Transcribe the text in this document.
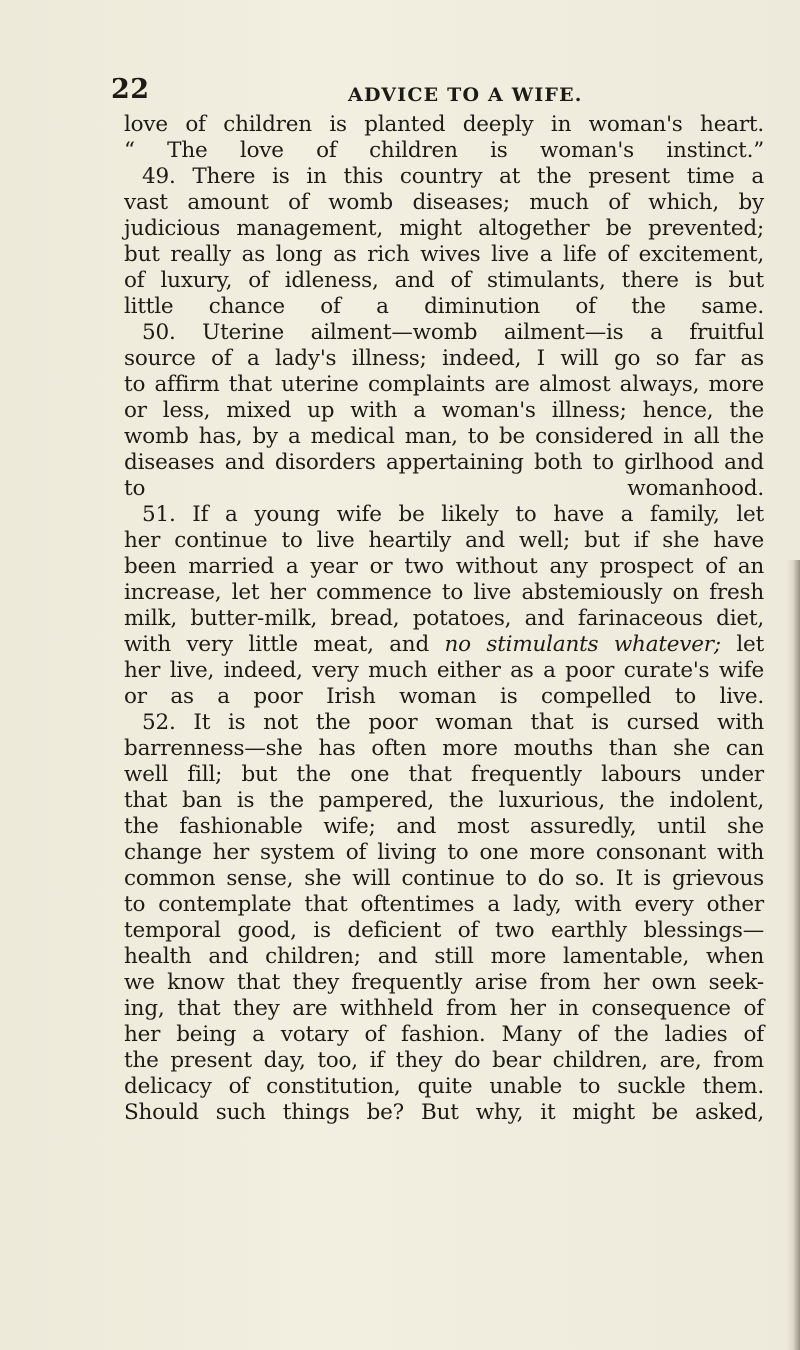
22	ADVICE TO A WIFE.
love of children is planted deeply in woman's heart.
“ The love of children is woman's instinct.”
49. There is in this country at the present time a
vast amount of womb diseases; much of which, by
judicious management, might altogether be prevented;
but really as long as rich wives live a life of excitement,
of luxury, of idleness, and of stimulants, there is but
little chance of a diminution of the same.
50. Uterine ailment—womb ailment—is a fruitful
source of a lady's illness; indeed, I will go so far as
to affirm that uterine complaints are almost always, more
or less, mixed up with a woman's illness; hence, the
womb has, by a medical man, to be considered in all the
diseases and disorders appertaining both to girlhood and
to womanhood.
51. If a young wife be likely to have a family, let
her continue to live heartily and well; but if she have
been married a year or two without any prospect of an
increase, let her commence to live abstemiously on fresh
milk, butter-milk, bread, potatoes, and farinaceous diet,
with very little meat, and no stimulants whatever; let
her live, indeed, very much either as a poor curate's wife
or as a poor Irish woman is compelled to live.
52. It is not the poor woman that is cursed with
barrenness—she has often more mouths than she can
well fill; but the one that frequently labours under
that ban is the pampered, the luxurious, the indolent,
the fashionable wife; and most assuredly, until she
change her system of living to one more consonant with
common sense, she will continue to do so. It is grievous
to contemplate that oftentimes a lady, with every other
temporal good, is deficient of two earthly blessings—
health and children; and still more lamentable, when
we know that they frequently arise from her own seek-
ing, that they are withheld from her in consequence of
her being a votary of fashion. Many of the ladies of
the present day, too, if they do bear children, are, from
delicacy of constitution, quite unable to suckle them.
Should such things be? But why, it might be asked,
